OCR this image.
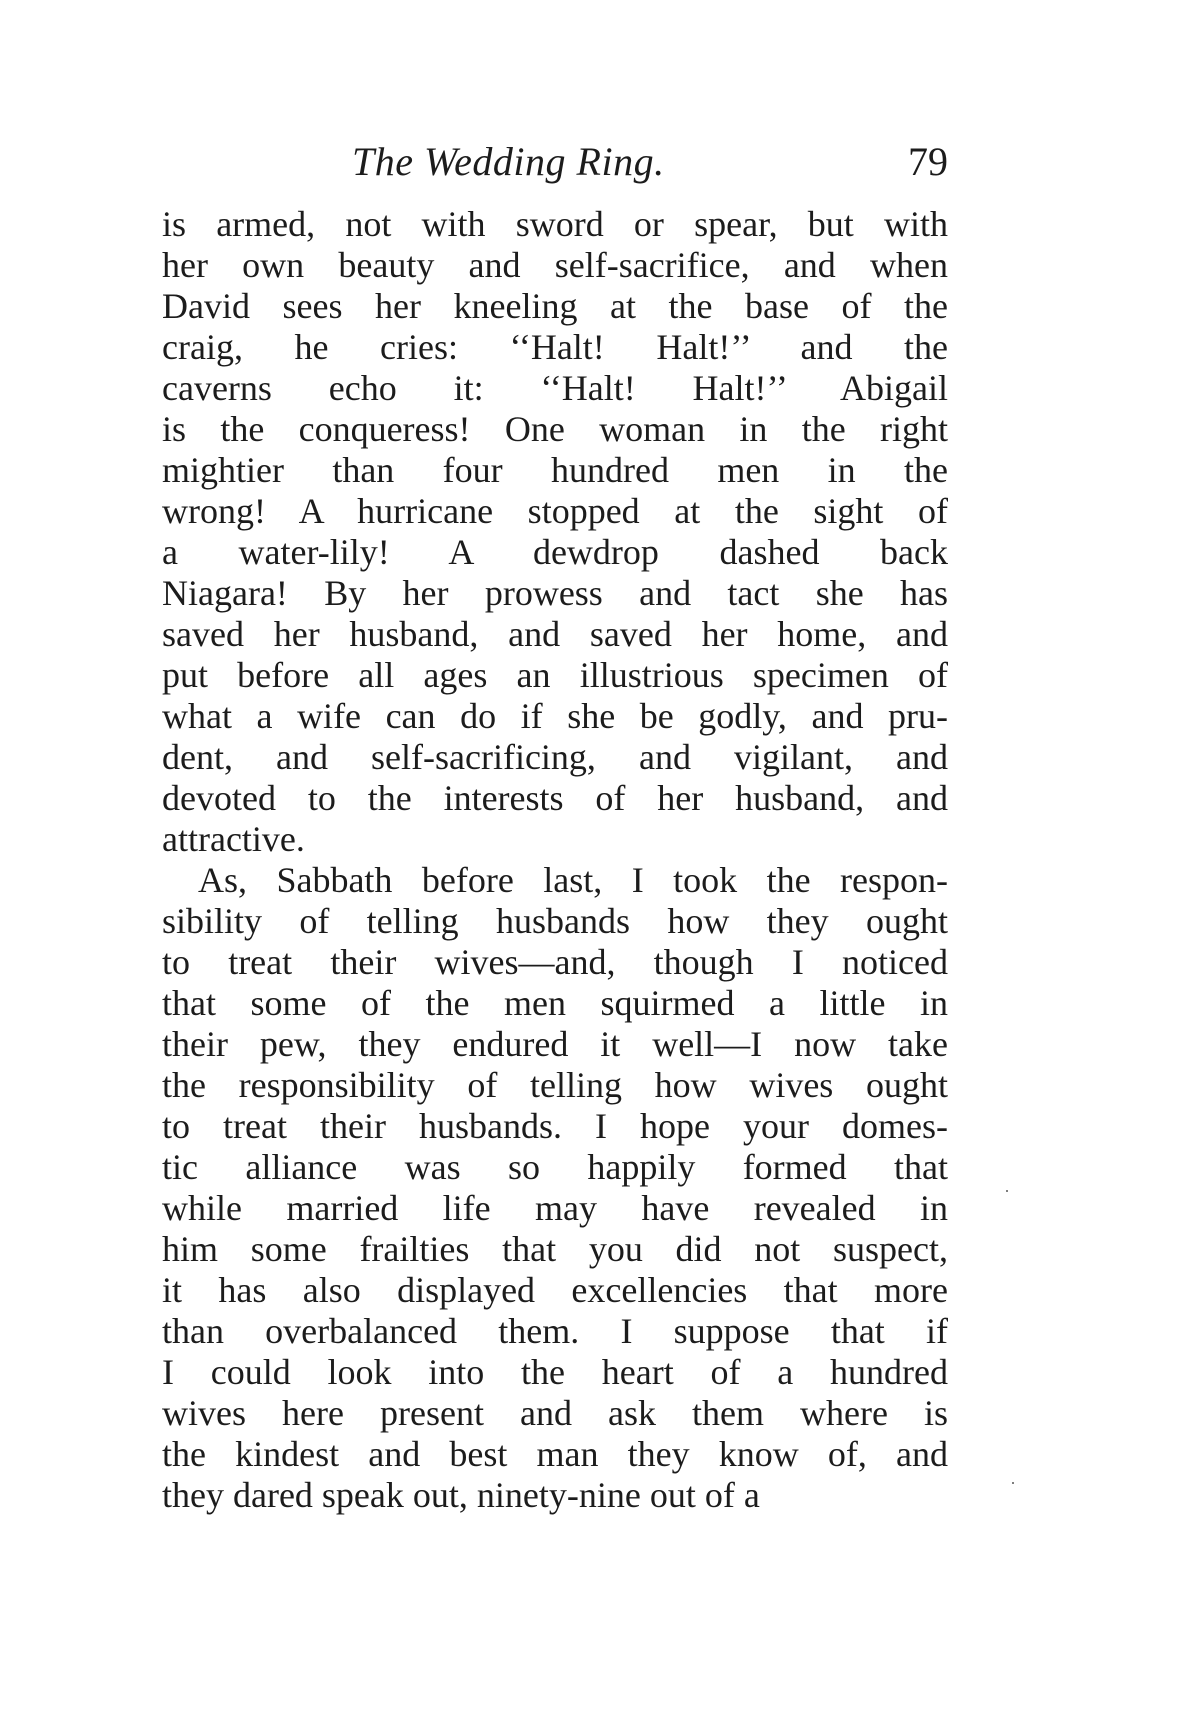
The Wedding Ring.	79
is armed, not with sword or spear, but with
her own beauty and self-sacrifice, and when
David sees her kneeling at the base of the
craig, he cries: ‘‘Halt! Halt!’’ and the
caverns echo it: ‘‘Halt! Halt!’’ Abigail
is the conqueress! One woman in the right
mightier than four hundred men in the
wrong! A hurricane stopped at the sight of
a water-lily! A dewdrop dashed back
Niagara! By her prowess and tact she has
saved her husband, and saved her home, and
put before all ages an illustrious specimen of
what a wife can do if she be godly, and pru-
dent, and self-sacrificing, and vigilant, and
devoted to the interests of her husband, and
attractive.
As, Sabbath before last, I took the respon-
sibility of telling husbands how they ought
to treat their wives—and, though I noticed
that some of the men squirmed a little in
their pew, they endured it well—I now take
the responsibility of telling how wives ought
to treat their husbands. I hope your domes-
tic alliance was so happily formed that
while married life may have revealed in
him some frailties that you did not suspect,
it has also displayed excellencies that more
than overbalanced them. I suppose that if
I could look into the heart of a hundred
wives here present and ask them where is
the kindest and best man they know of, and
they dared speak out, ninety-nine out of a
